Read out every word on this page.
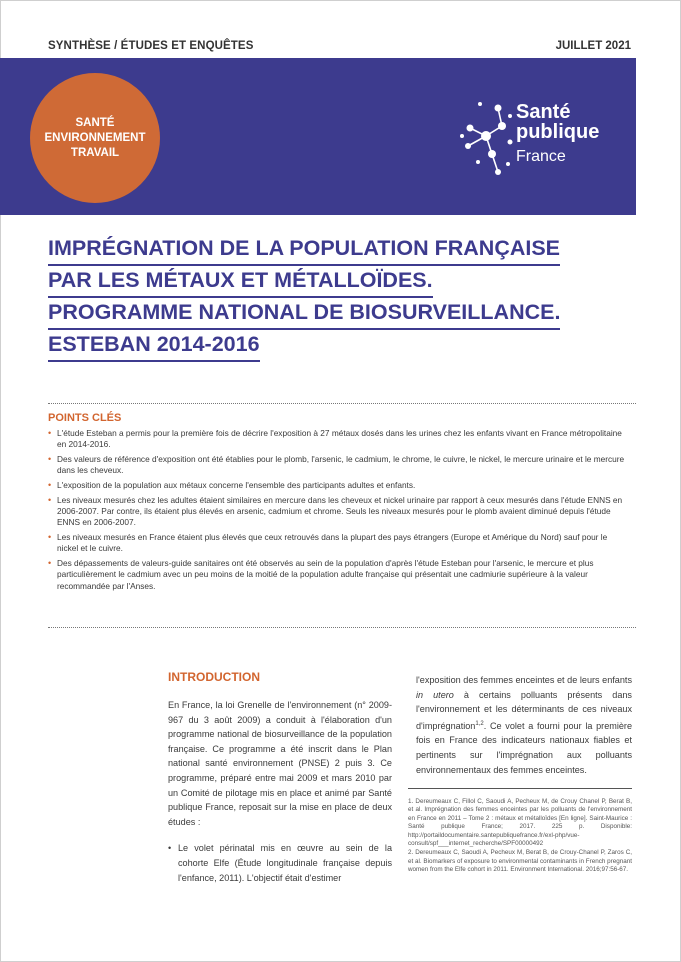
SYNTHÈSE / ÉTUDES ET ENQUÊTES	JUILLET 2021
SANTÉ
ENVIRONNEMENT
TRAVAIL
Santé
publique
France
IMPRÉGNATION DE LA POPULATION FRANÇAISE
PAR LES MÉTAUX ET MÉTALLOÏDES.
PROGRAMME NATIONAL DE BIOSURVEILLANCE.
ESTEBAN 2014-2016
POINTS CLÉS
• L'étude Esteban a permis pour la première fois de décrire l'exposition à 27 métaux dosés dans les urines chez les enfants vivant en France métropolitaine en 2014-2016.
• Des valeurs de référence d'exposition ont été établies pour le plomb, l'arsenic, le cadmium, le chrome, le cuivre, le nickel, le mercure urinaire et le mercure dans les cheveux.
• L'exposition de la population aux métaux concerne l'ensemble des participants adultes et enfants.
• Les niveaux mesurés chez les adultes étaient similaires en mercure dans les cheveux et nickel urinaire par rapport à ceux mesurés dans l'étude ENNS en 2006-2007. Par contre, ils étaient plus élevés en arsenic, cadmium et chrome. Seuls les niveaux mesurés pour le plomb avaient diminué depuis l'étude ENNS en 2006-2007.
• Les niveaux mesurés en France étaient plus élevés que ceux retrouvés dans la plupart des pays étrangers (Europe et Amérique du Nord) sauf pour le nickel et le cuivre.
• Des dépassements de valeurs-guide sanitaires ont été observés au sein de la population d'après l'étude Esteban pour l'arsenic, le mercure et plus particulièrement le cadmium avec un peu moins de la moitié de la population adulte française qui présentait une cadmiurie supérieure à la valeur recommandée par l'Anses.
INTRODUCTION

En France, la loi Grenelle de l'environnement (n° 2009-967 du 3 août 2009) a conduit à l'élaboration d'un programme national de biosurveillance de la population française. Ce programme a été inscrit dans le Plan national santé environnement (PNSE) 2 puis 3. Ce programme, préparé entre mai 2009 et mars 2010 par un Comité de pilotage mis en place et animé par Santé publique France, reposait sur la mise en place de deux études :

• Le volet périnatal mis en œuvre au sein de la cohorte Elfe (Étude longitudinale française depuis l'enfance, 2011). L'objectif était d'estimer
l'exposition des femmes enceintes et de leurs enfants in utero à certains polluants présents dans l'environnement et les déterminants de ces niveaux d'imprégnation$^{1,2}$. Ce volet a fourni pour la première fois en France des indicateurs nationaux fiables et pertinents sur l'imprégnation aux polluants environnementaux des femmes enceintes.

1. Dereumeaux C, Fillol C, Saoudi A, Pecheux M, de Crouy Chanel P, Berat B, et al. Imprégnation des femmes enceintes par les polluants de l'environnement en France en 2011 – Tome 2 : métaux et métalloïdes [En ligne]. Saint-Maurice : Santé publique France; 2017. 225 p. Disponible: http://portaildocumentaire.santepubliquefrance.fr/exl-php/vue-consult/spf___internet_recherche/SPF00000492

2. Dereumeaux C, Saoudi A, Pecheux M, Berat B, de Crouy-Chanel P, Zaros C, et al. Biomarkers of exposure to environmental contaminants in French pregnant women from the Elfe cohort in 2011. Environment International. 2016;97:56-67.
